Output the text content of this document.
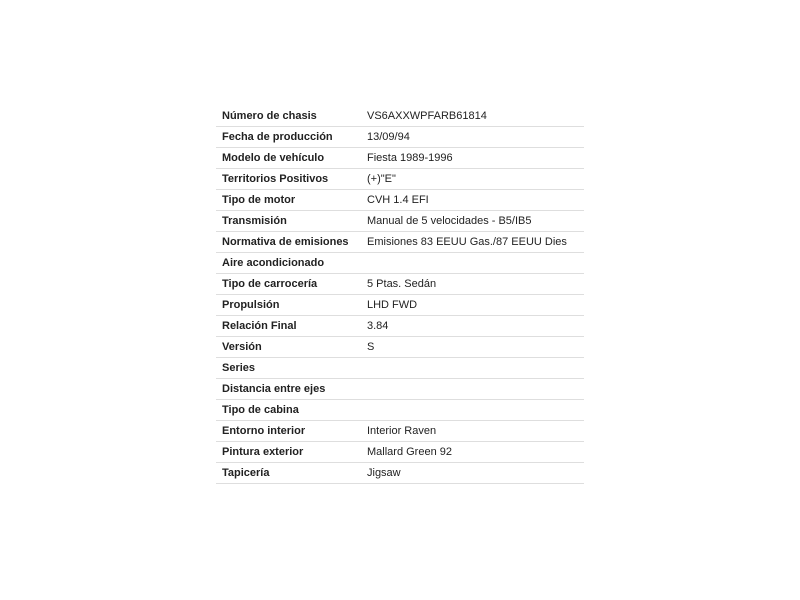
Número de chasis	VS6AXXWPFARB61814
Fecha de producción	13/09/94
Modelo de vehículo	Fiesta 1989-1996
Territorios Positivos	(+)"E"
Tipo de motor	CVH 1.4 EFI
Transmisión	Manual de 5 velocidades - B5/IB5
Normativa de emisiones	Emisiones 83 EEUU Gas./87 EEUU Dies
Aire acondicionado	
Tipo de carrocería	5 Ptas. Sedán
Propulsión	LHD FWD
Relación Final	3.84
Versión	S
Series	
Distancia entre ejes	
Tipo de cabina	
Entorno interior	Interior Raven
Pintura exterior	Mallard Green 92
Tapicería	Jigsaw
